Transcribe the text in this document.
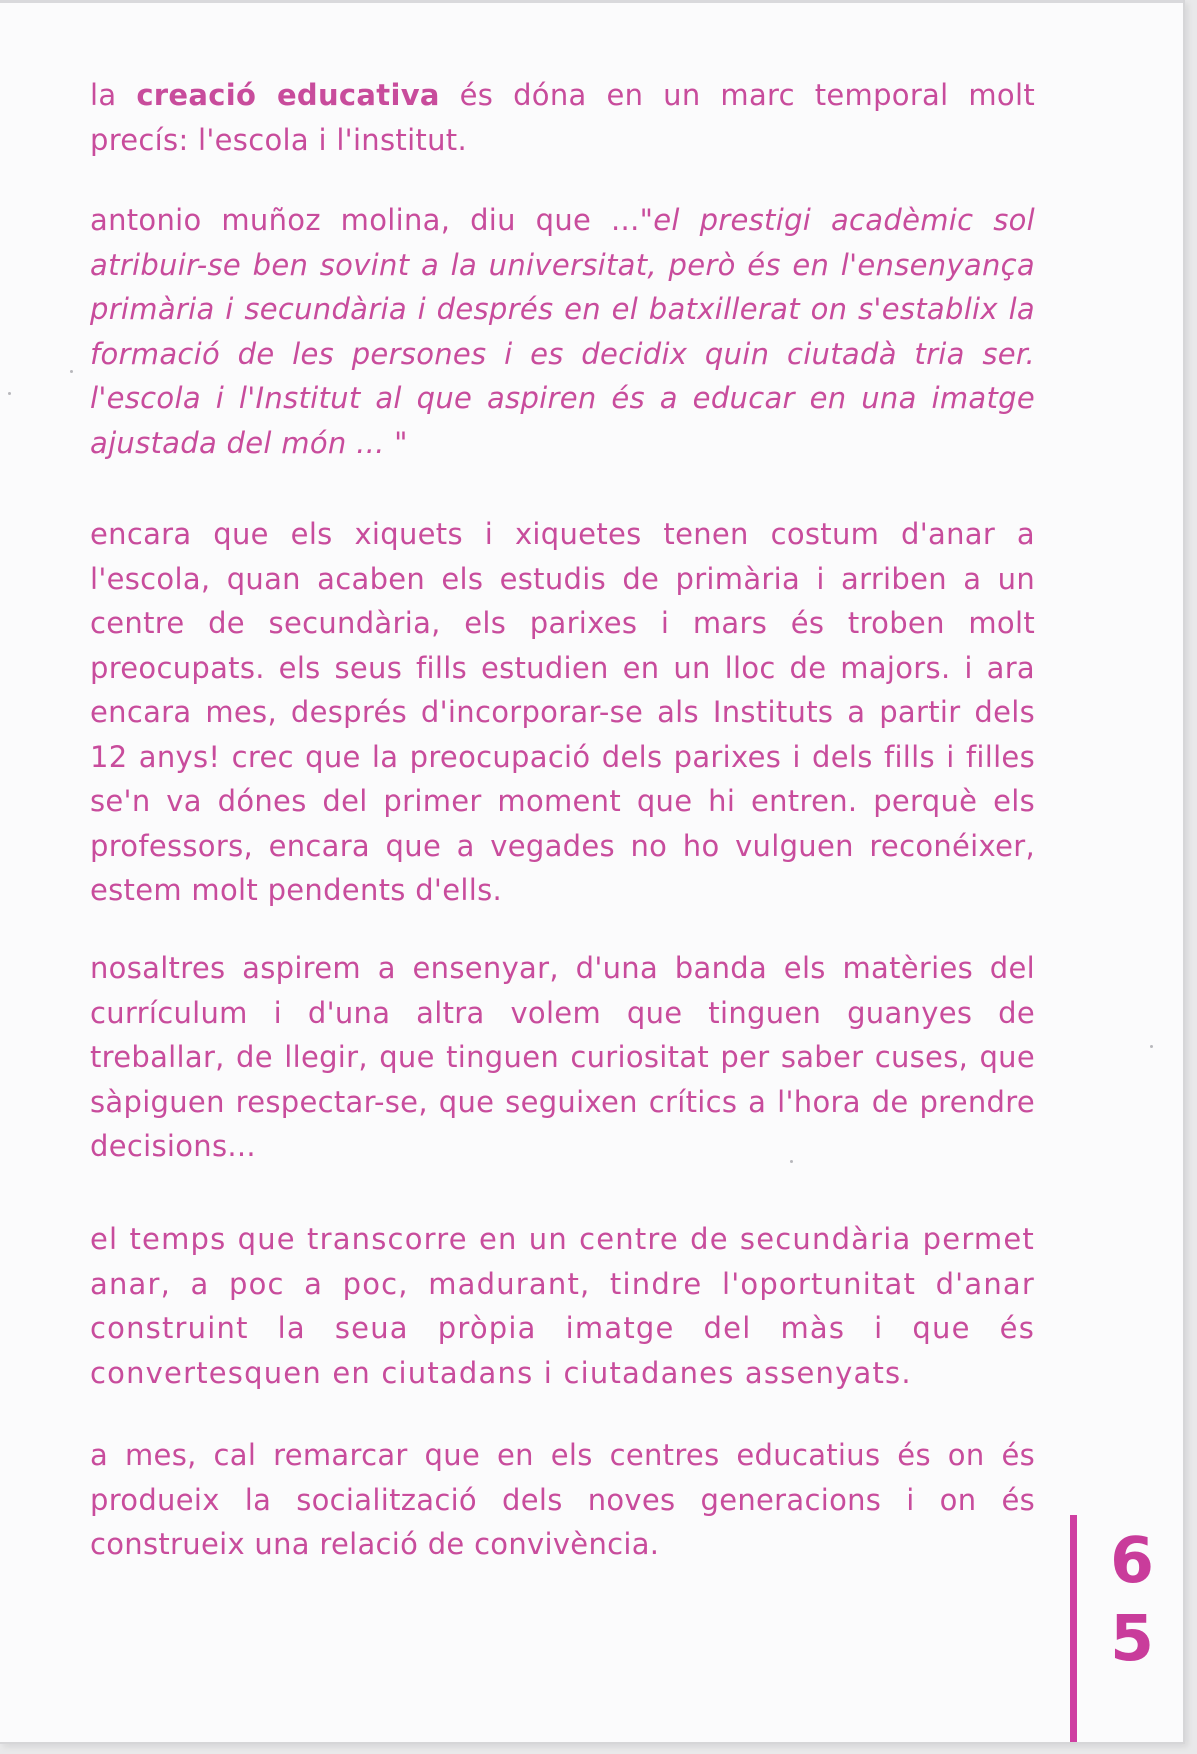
la creació educativa és dóna en un marc temporal molt precís: l'escola i l'institut.

antonio muñoz molina, diu que ..."el prestigi acadèmic sol atribuir-se ben sovint a la universitat, però és en l'ensenyança primària i secundària i després en el batxillerat on s'establix la formació de les persones i es decidix quin ciutadà tria ser. l'escola i l'Institut al que aspiren és a educar en una imatge ajustada del món ... "

encara que els xiquets i xiquetes tenen costum d'anar a l'escola, quan acaben els estudis de primària i arriben a un centre de secundària, els parixes i mars és troben molt preocupats. els seus fills estudien en un lloc de majors. i ara encara mes, després d'incorporar-se als Instituts a partir dels 12 anys! crec que la preocupació dels parixes i dels fills i filles se'n va dónes del primer moment que hi entren. perquè els professors, encara que a vegades no ho vulguen reconéixer, estem molt pendents d'ells.

nosaltres aspirem a ensenyar, d'una banda els matèries del currículum i d'una altra volem que tinguen guanyes de treballar, de llegir, que tinguen curiositat per saber cuses, que sàpiguen respectar-se, que seguixen crítics a l'hora de prendre decisions...

el temps que transcorre en un centre de secundària permet anar, a poc a poc, madurant, tindre l'oportunitat d'anar construint la seua pròpia imatge del màs i que és convertesquen en ciutadans i ciutadanes assenyats.

a mes, cal remarcar que en els centres educatius és on és produeix la socialització dels noves generacions i on és construeix una relació de convivència.	6
5
